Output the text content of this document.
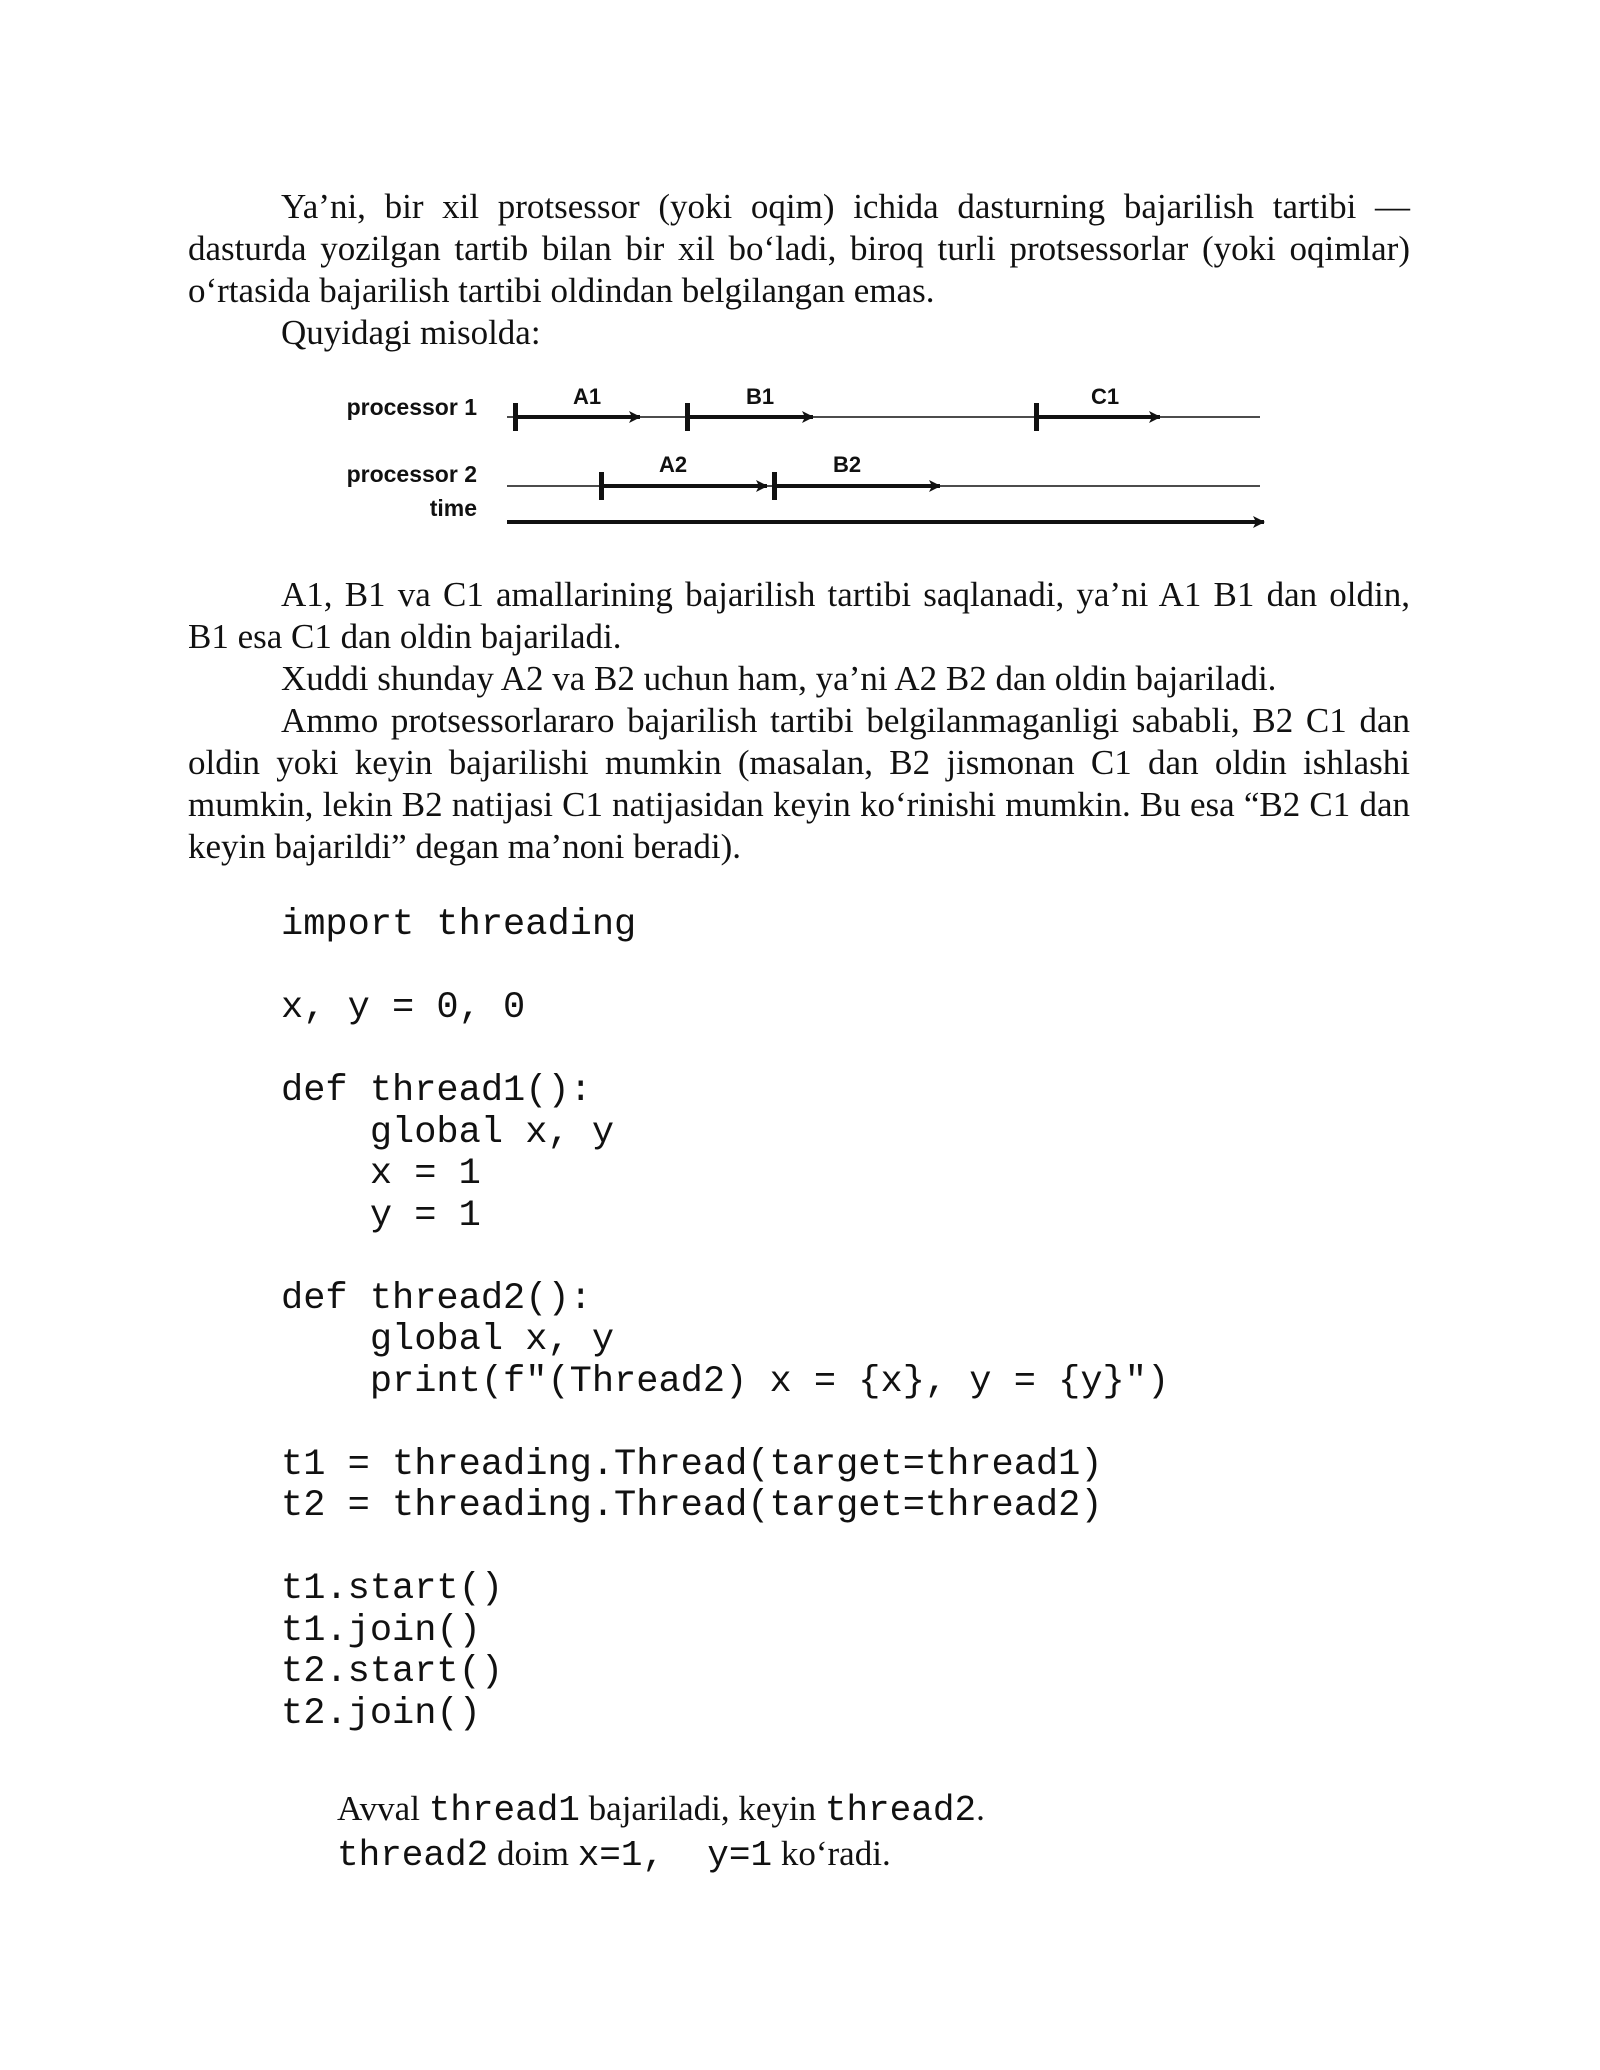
Ya’ni, bir xil protsessor (yoki oqim) ichida dasturning bajarilish tartibi — dasturda yozilgan tartib bilan bir xil bo‘ladi, biroq turli protsessorlar (yoki oqimlar) o‘rtasida bajarilish tartibi oldindan belgilangan emas.

Quyidagi misolda:

processor 1
processor 2
time
A1	B1	C1
A2	B2

A1, B1 va C1 amallarining bajarilish tartibi saqlanadi, ya’ni A1 B1 dan oldin, B1 esa C1 dan oldin bajariladi.

Xuddi shunday A2 va B2 uchun ham, ya’ni A2 B2 dan oldin bajariladi.

Ammo protsessorlararo bajarilish tartibi belgilanmaganligi sababli, B2 C1 dan oldin yoki keyin bajarilishi mumkin (masalan, B2 jismonan C1 dan oldin ishlashi mumkin, lekin B2 natijasi C1 natijasidan keyin ko‘rinishi mumkin. Bu esa “B2 C1 dan keyin bajarildi” degan ma’noni beradi).

import threading

x, y = 0, 0

def thread1():
global x, y
x = 1
y = 1

def thread2():
global x, y
print(f"(Thread2) x = {x}, y = {y}")

t1 = threading.Thread(target=thread1)
t2 = threading.Thread(target=thread2)

t1.start()
t1.join()
t2.start()
t2.join()
Avval thread1 bajariladi, keyin thread2.
thread2 doim x=1,  y=1 ko‘radi.
